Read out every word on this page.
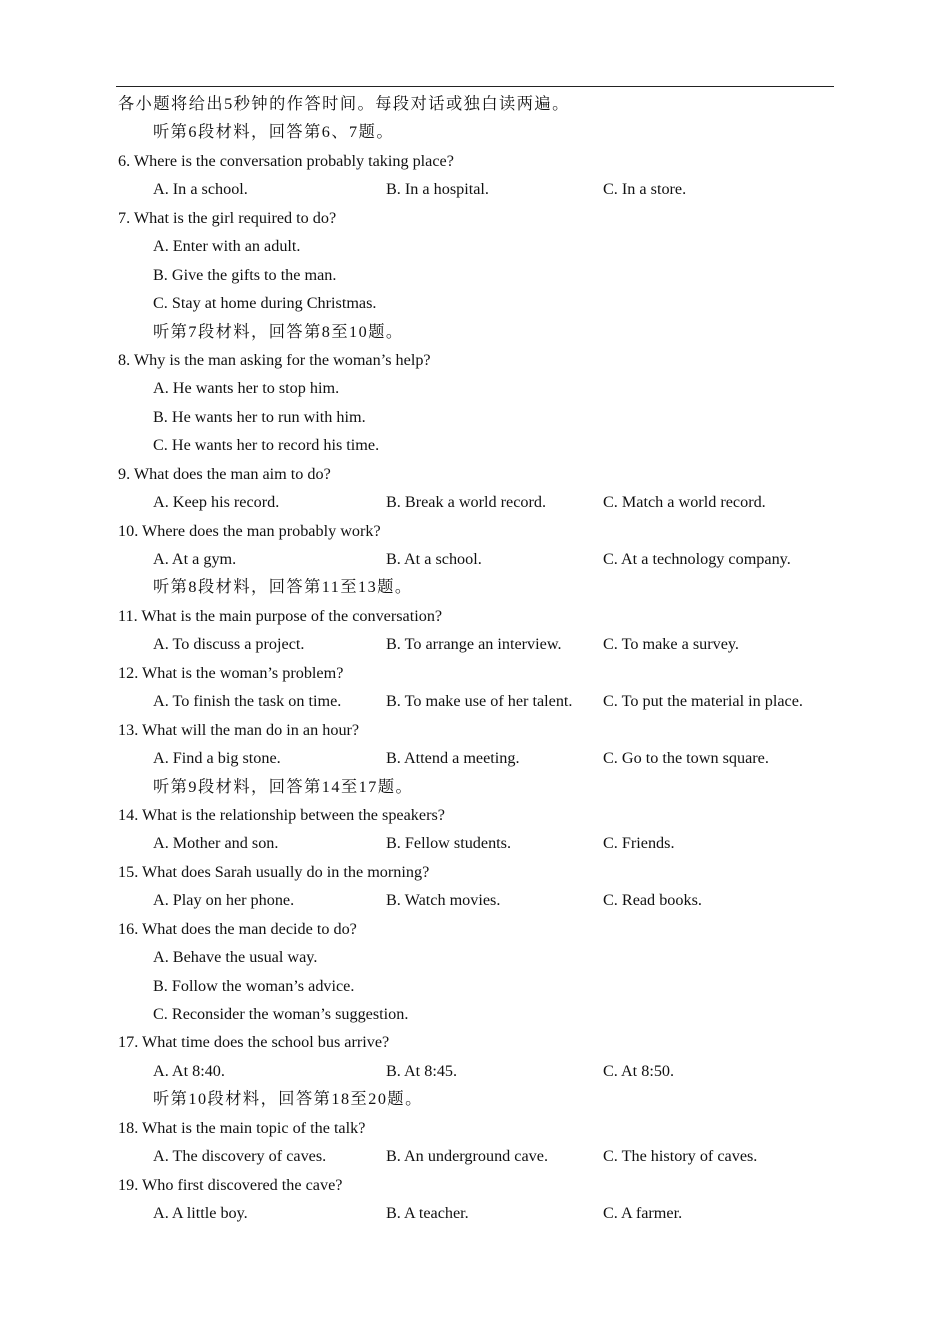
各小题将给出5秒钟的作答时间。每段对话或独白读两遍。
听第6段材料，回答第6、7题。
6. Where is the conversation probably taking place?
A. In a school.	B. In a hospital.	C. In a store.
7. What is the girl required to do?
A. Enter with an adult.
B. Give the gifts to the man.
C. Stay at home during Christmas.
听第7段材料，回答第8至10题。
8. Why is the man asking for the woman’s help?
A. He wants her to stop him.
B. He wants her to run with him.
C. He wants her to record his time.
9. What does the man aim to do?
A. Keep his record.	B. Break a world record.	C. Match a world record.
10. Where does the man probably work?
A. At a gym.	B. At a school.	C. At a technology company.
听第8段材料，回答第11至13题。
11. What is the main purpose of the conversation?
A. To discuss a project.	B. To arrange an interview.	C. To make a survey.
12. What is the woman’s problem?
A. To finish the task on time.	B. To make use of her talent. C. To put the material in place.
13. What will the man do in an hour?
A. Find a big stone.	B. Attend a meeting.	C. Go to the town square.
听第9段材料，回答第14至17题。
14. What is the relationship between the speakers?
A. Mother and son.	B. Fellow students.	C. Friends.
15. What does Sarah usually do in the morning?
A. Play on her phone.	B. Watch movies.	C. Read books.
16. What does the man decide to do?
A. Behave the usual way.
B. Follow the woman’s advice.
C. Reconsider the woman’s suggestion.
17. What time does the school bus arrive?
A. At 8:40.	B. At 8:45.	C. At 8:50.
听第10段材料，回答第18至20题。
18. What is the main topic of the talk?
A. The discovery of caves.	B. An underground cave.	C. The history of caves.
19. Who first discovered the cave?
A. A little boy.	B. A teacher.	C. A farmer.
